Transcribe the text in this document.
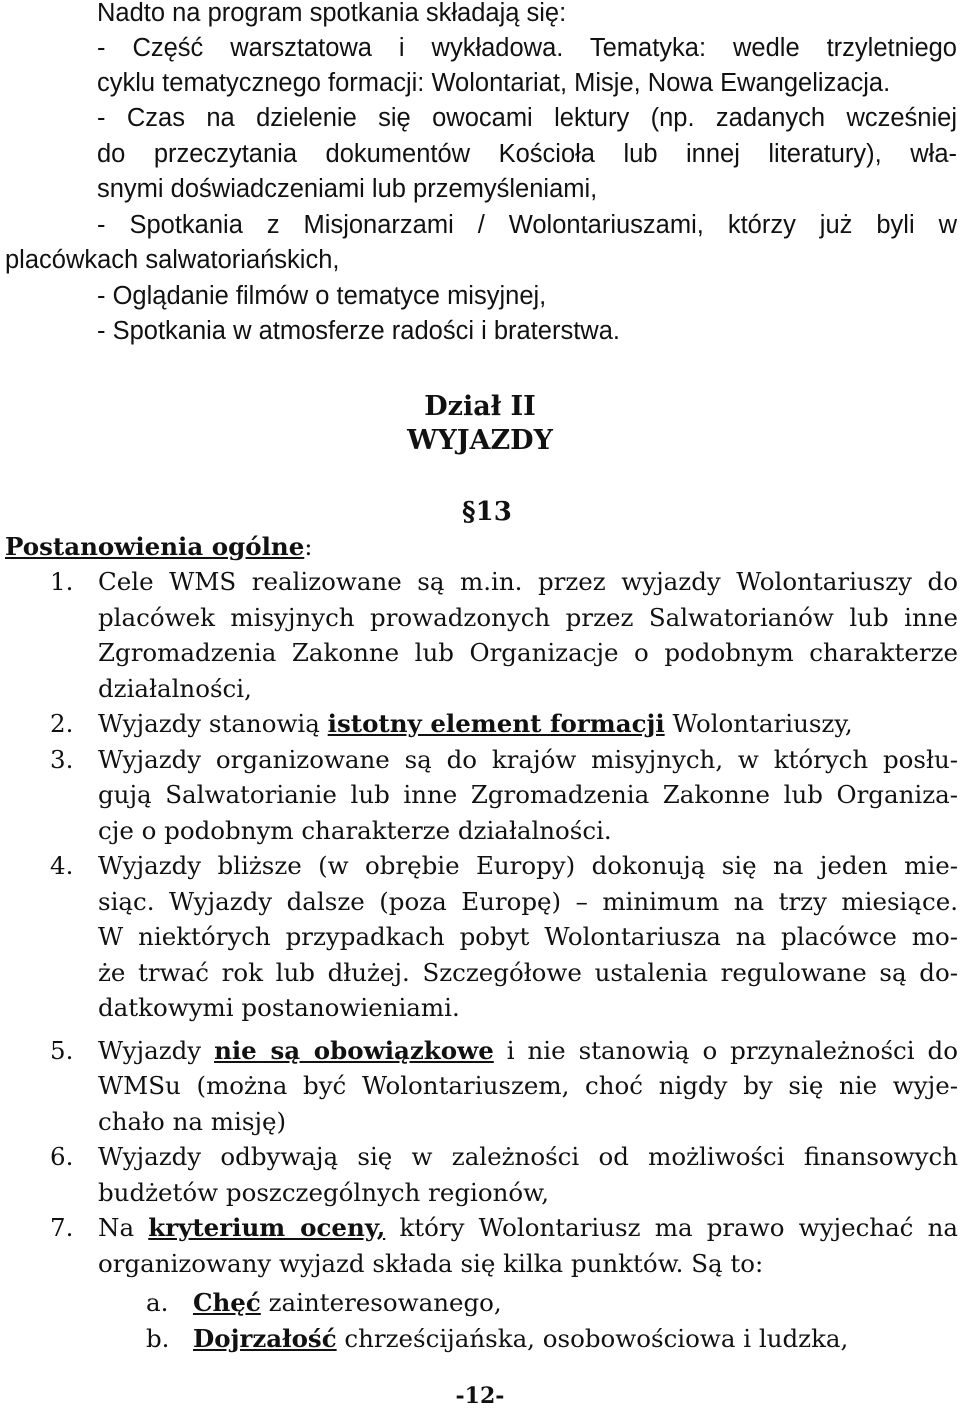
Nadto na program spotkania składają się:
- Część warsztatowa i wykładowa. Tematyka: wedle trzyletniego
cyklu tematycznego formacji: Wolontariat, Misje, Nowa Ewangelizacja.
- Czas na dzielenie się owocami lektury (np. zadanych wcześniej
do przeczytania dokumentów Kościoła lub innej literatury), wła-
snymi doświadczeniami lub przemyśleniami,
- Spotkania z Misjonarzami / Wolontariuszami, którzy już byli w
placówkach salwatoriańskich,
- Oglądanie filmów o tematyce misyjnej,
- Spotkania w atmosferze radości i braterstwa.
Dział II
WYJAZDY
§13
Postanowienia ogólne:
1. Cele WMS realizowane są m.in. przez wyjazdy Wolontariuszy do
placówek misyjnych prowadzonych przez Salwatorianów lub inne
Zgromadzenia Zakonne lub Organizacje o podobnym charakterze
działalności,
2. Wyjazdy stanowią istotny element formacji Wolontariuszy,
3. Wyjazdy organizowane są do krajów misyjnych, w których posłu-
gują Salwatorianie lub inne Zgromadzenia Zakonne lub Organiza-
cje o podobnym charakterze działalności.
4. Wyjazdy bliższe (w obrębie Europy) dokonują się na jeden mie-
siąc. Wyjazdy dalsze (poza Europę) – minimum na trzy miesiące.
W niektórych przypadkach pobyt Wolontariusza na placówce mo-
że trwać rok lub dłużej. Szczegółowe ustalenia regulowane są do-
datkowymi postanowieniami.
5. Wyjazdy nie są obowiązkowe i nie stanowią o przynależności do
WMSu (można być Wolontariuszem, choć nigdy by się nie wyje-
chało na misję)
6. Wyjazdy odbywają się w zależności od możliwości finansowych
budżetów poszczególnych regionów,
7. Na kryterium oceny, który Wolontariusz ma prawo wyjechać na
organizowany wyjazd składa się kilka punktów. Są to:
a. Chęć zainteresowanego,
b. Dojrzałość chrześcijańska, osobowościowa i ludzka,
-12-
